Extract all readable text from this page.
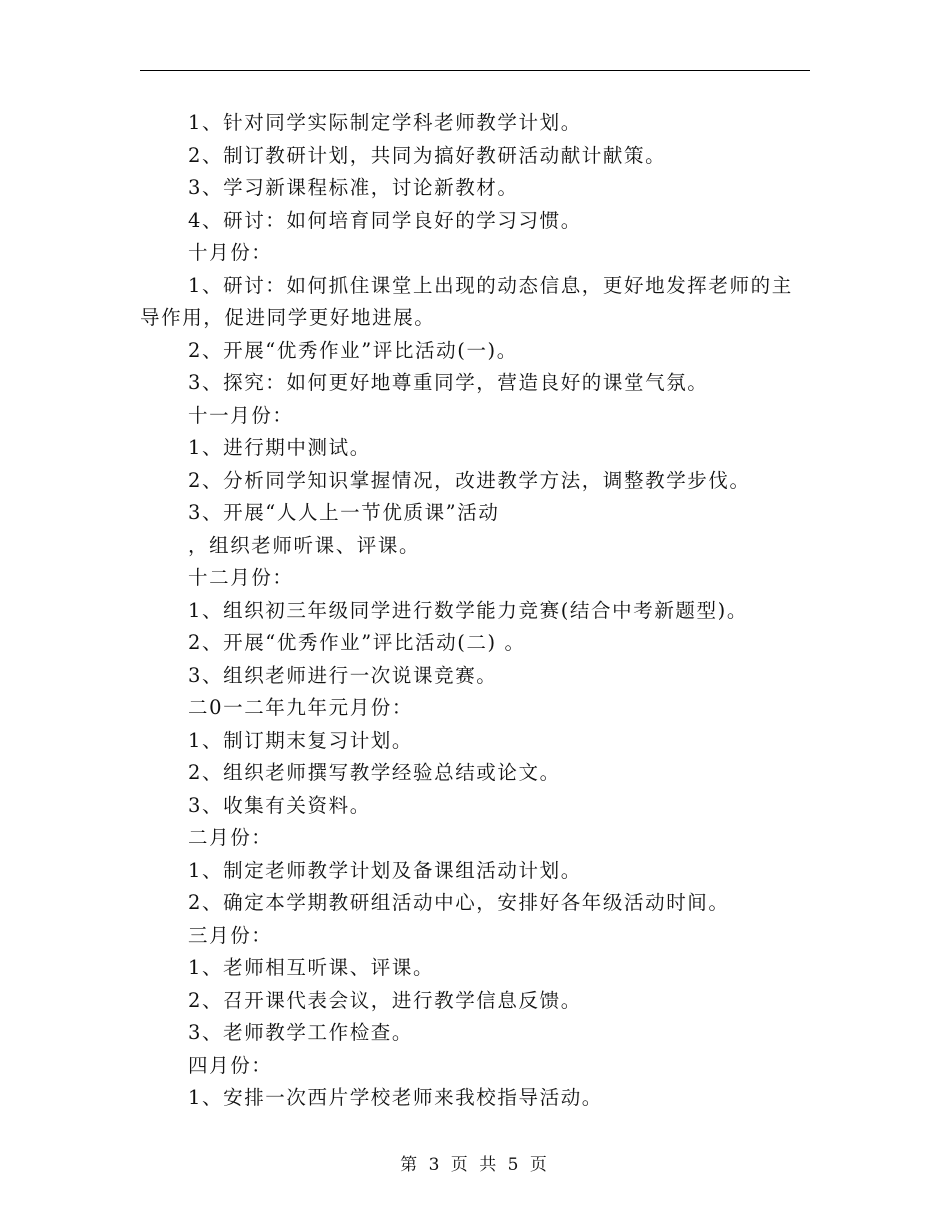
1、针对同学实际制定学科老师教学计划。
2、制订教研计划，共同为搞好教研活动献计献策。
3、学习新课程标准，讨论新教材。
4、研讨：如何培育同学良好的学习习惯。
十月份：
1、研讨：如何抓住课堂上出现的动态信息，更好地发挥老师的主导作用，促进同学更好地进展。
2、开展“优秀作业”评比活动(一)。
3、探究：如何更好地尊重同学，营造良好的课堂气氛。
十一月份：
1、进行期中测试。
2、分析同学知识掌握情况，改进教学方法，调整教学步伐。
3、开展“人人上一节优质课”活动
，组织老师听课、评课。
十二月份：
1、组织初三年级同学进行数学能力竞赛(结合中考新题型)。
2、开展“优秀作业”评比活动(二) 。
3、组织老师进行一次说课竞赛。
二0一二年九年元月份：
1、制订期末复习计划。
2、组织老师撰写教学经验总结或论文。
3、收集有关资料。
二月份：
1、制定老师教学计划及备课组活动计划。
2、确定本学期教研组活动中心，安排好各年级活动时间。
三月份：
1、老师相互听课、评课。
2、召开课代表会议，进行教学信息反馈。
3、老师教学工作检查。
四月份：
1、安排一次西片学校老师来我校指导活动。
第 3 页 共 5 页
